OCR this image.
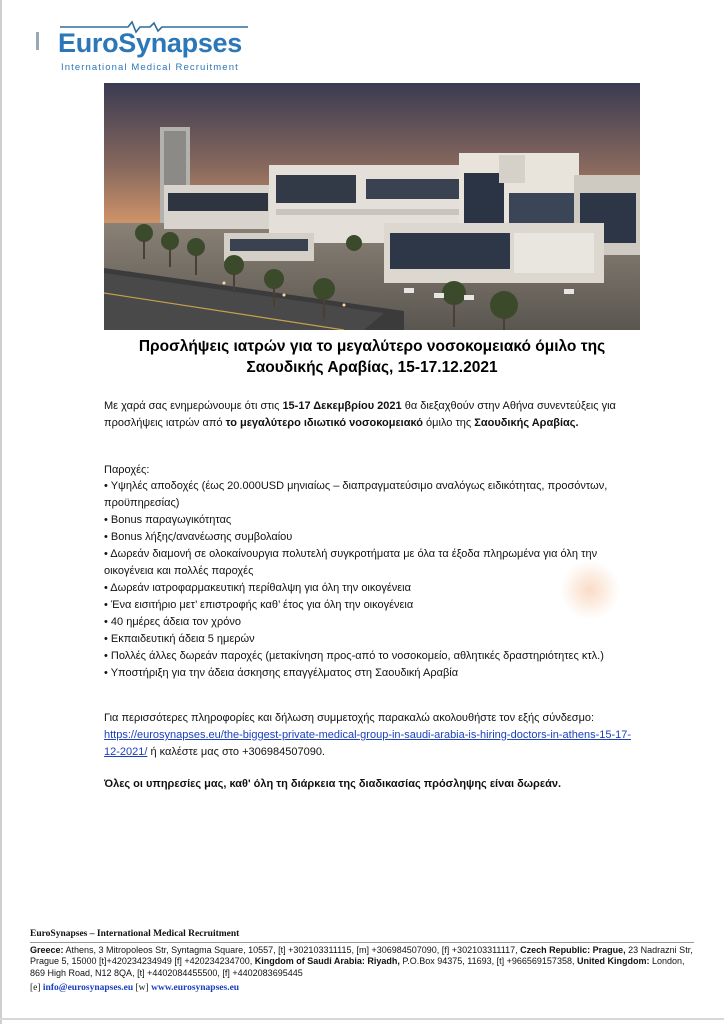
EuroSynapses
International Medical Recruitment
Προσλήψεις ιατρών για το μεγαλύτερο νοσοκομειακό όμιλο της
Σαουδικής Αραβίας, 15-17.12.2021
Με χαρά σας ενημερώνουμε ότι στις 15-17 Δεκεμβρίου 2021 θα διεξαχθούν στην Αθήνα συνεντεύξεις για προσλήψεις ιατρών από το μεγαλύτερο ιδιωτικό νοσοκομειακό όμιλο της Σαουδικής Αραβίας.
Παροχές:

• Υψηλές αποδοχές (έως 20.000USD μηνιαίως – διαπραγματεύσιμο αναλόγως ειδικότητας, προσόντων, προϋπηρεσίας)

• Bonus παραγωγικότητας

• Bonus λήξης/ανανέωσης συμβολαίου

• Δωρεάν διαμονή σε ολοκαίνουργια πολυτελή συγκροτήματα με όλα τα έξοδα πληρωμένα για όλη την οικογένεια και πολλές παροχές

• Δωρεάν ιατροφαρμακευτική περίθαλψη για όλη την οικογένεια

• Ένα εισιτήριο μετ’ επιστροφής καθ’ έτος για όλη την οικογένεια

• 40 ημέρες άδεια τον χρόνο

• Εκπαιδευτική άδεια 5 ημερών

• Πολλές άλλες δωρεάν παροχές (μετακίνηση προς-από το νοσοκομείο, αθλητικές δραστηριότητες κτλ.)

• Υποστήριξη για την άδεια άσκησης επαγγέλματος στη Σαουδική Αραβία

Για περισσότερες πληροφορίες και δήλωση συμμετοχής παρακαλώ ακολουθήστε τον εξής σύνδεσμο: https://eurosynapses.eu/the-biggest-private-medical-group-in-saudi-arabia-is-hiring-doctors-in-athens-15-17-12-2021/ ή καλέστε μας στο +306984507090.
Όλες οι υπηρεσίες μας, καθ' όλη τη διάρκεια της διαδικασίας πρόσληψης είναι δωρεάν.
EuroSynapses – International Medical Recruitment
Greece: Athens, 3 Mitropoleos Str, Syntagma Square, 10557, [t] +302103311115, [m] +306984507090, [f] +302103311117, Czech Republic: Prague, 23 Nadrazni Str, Prague 5, 15000 [t]+420234234949 [f] +420234234700, Kingdom of Saudi Arabia: Riyadh, P.O.Box 94375, 11693, [t] +966569157358, United Kingdom: London, 869 High Road, N12 8QA, [t] +4402084455500, [f] +4402083695445
[e] info@eurosynapses.eu [w] www.eurosynapses.eu
